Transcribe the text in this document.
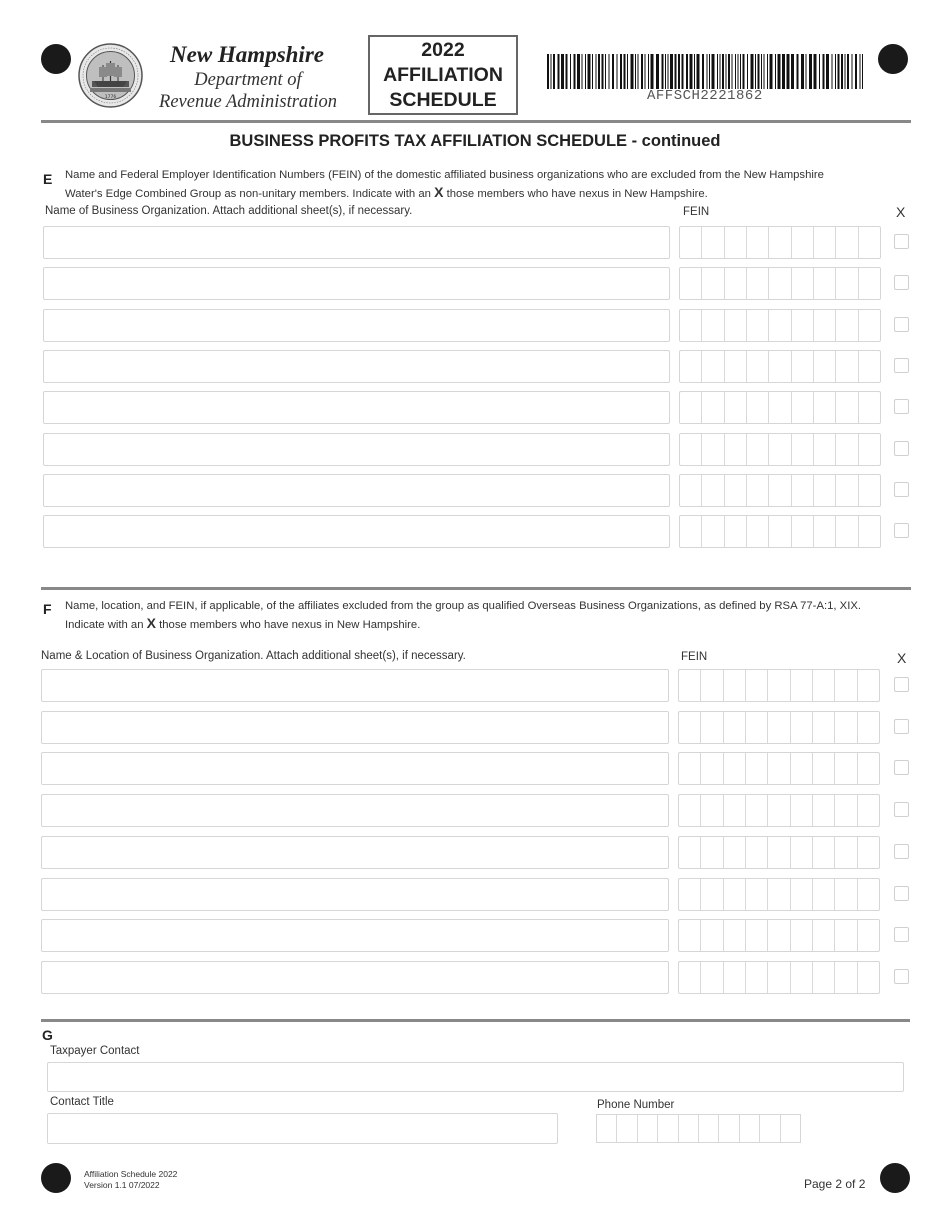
1776
New Hampshire
Department of
Revenue Administration
2022
AFFILIATION
SCHEDULE	AFFSCH2221862
BUSINESS PROFITS TAX AFFILIATION SCHEDULE - continued
E Name and Federal Employer Identification Numbers (FEIN) of the domestic affiliated business organizations who are excluded from the New Hampshire
Water's Edge Combined Group as non-unitary members. Indicate with an X those members who have nexus in New Hampshire.
Name of Business Organization. Attach additional sheet(s), if necessary.	FEIN	X
F Name, location, and FEIN, if applicable, of the affiliates excluded from the group as qualified Overseas Business Organizations, as defined by RSA 77-A:1, XIX.
Indicate with an X those members who have nexus in New Hampshire.
Name & Location of Business Organization. Attach additional sheet(s), if necessary.	FEIN	X
G
Taxpayer Contact
Contact Title	Phone Number
Affiliation Schedule 2022
Version 1.1 07/2022	Page 2 of 2
